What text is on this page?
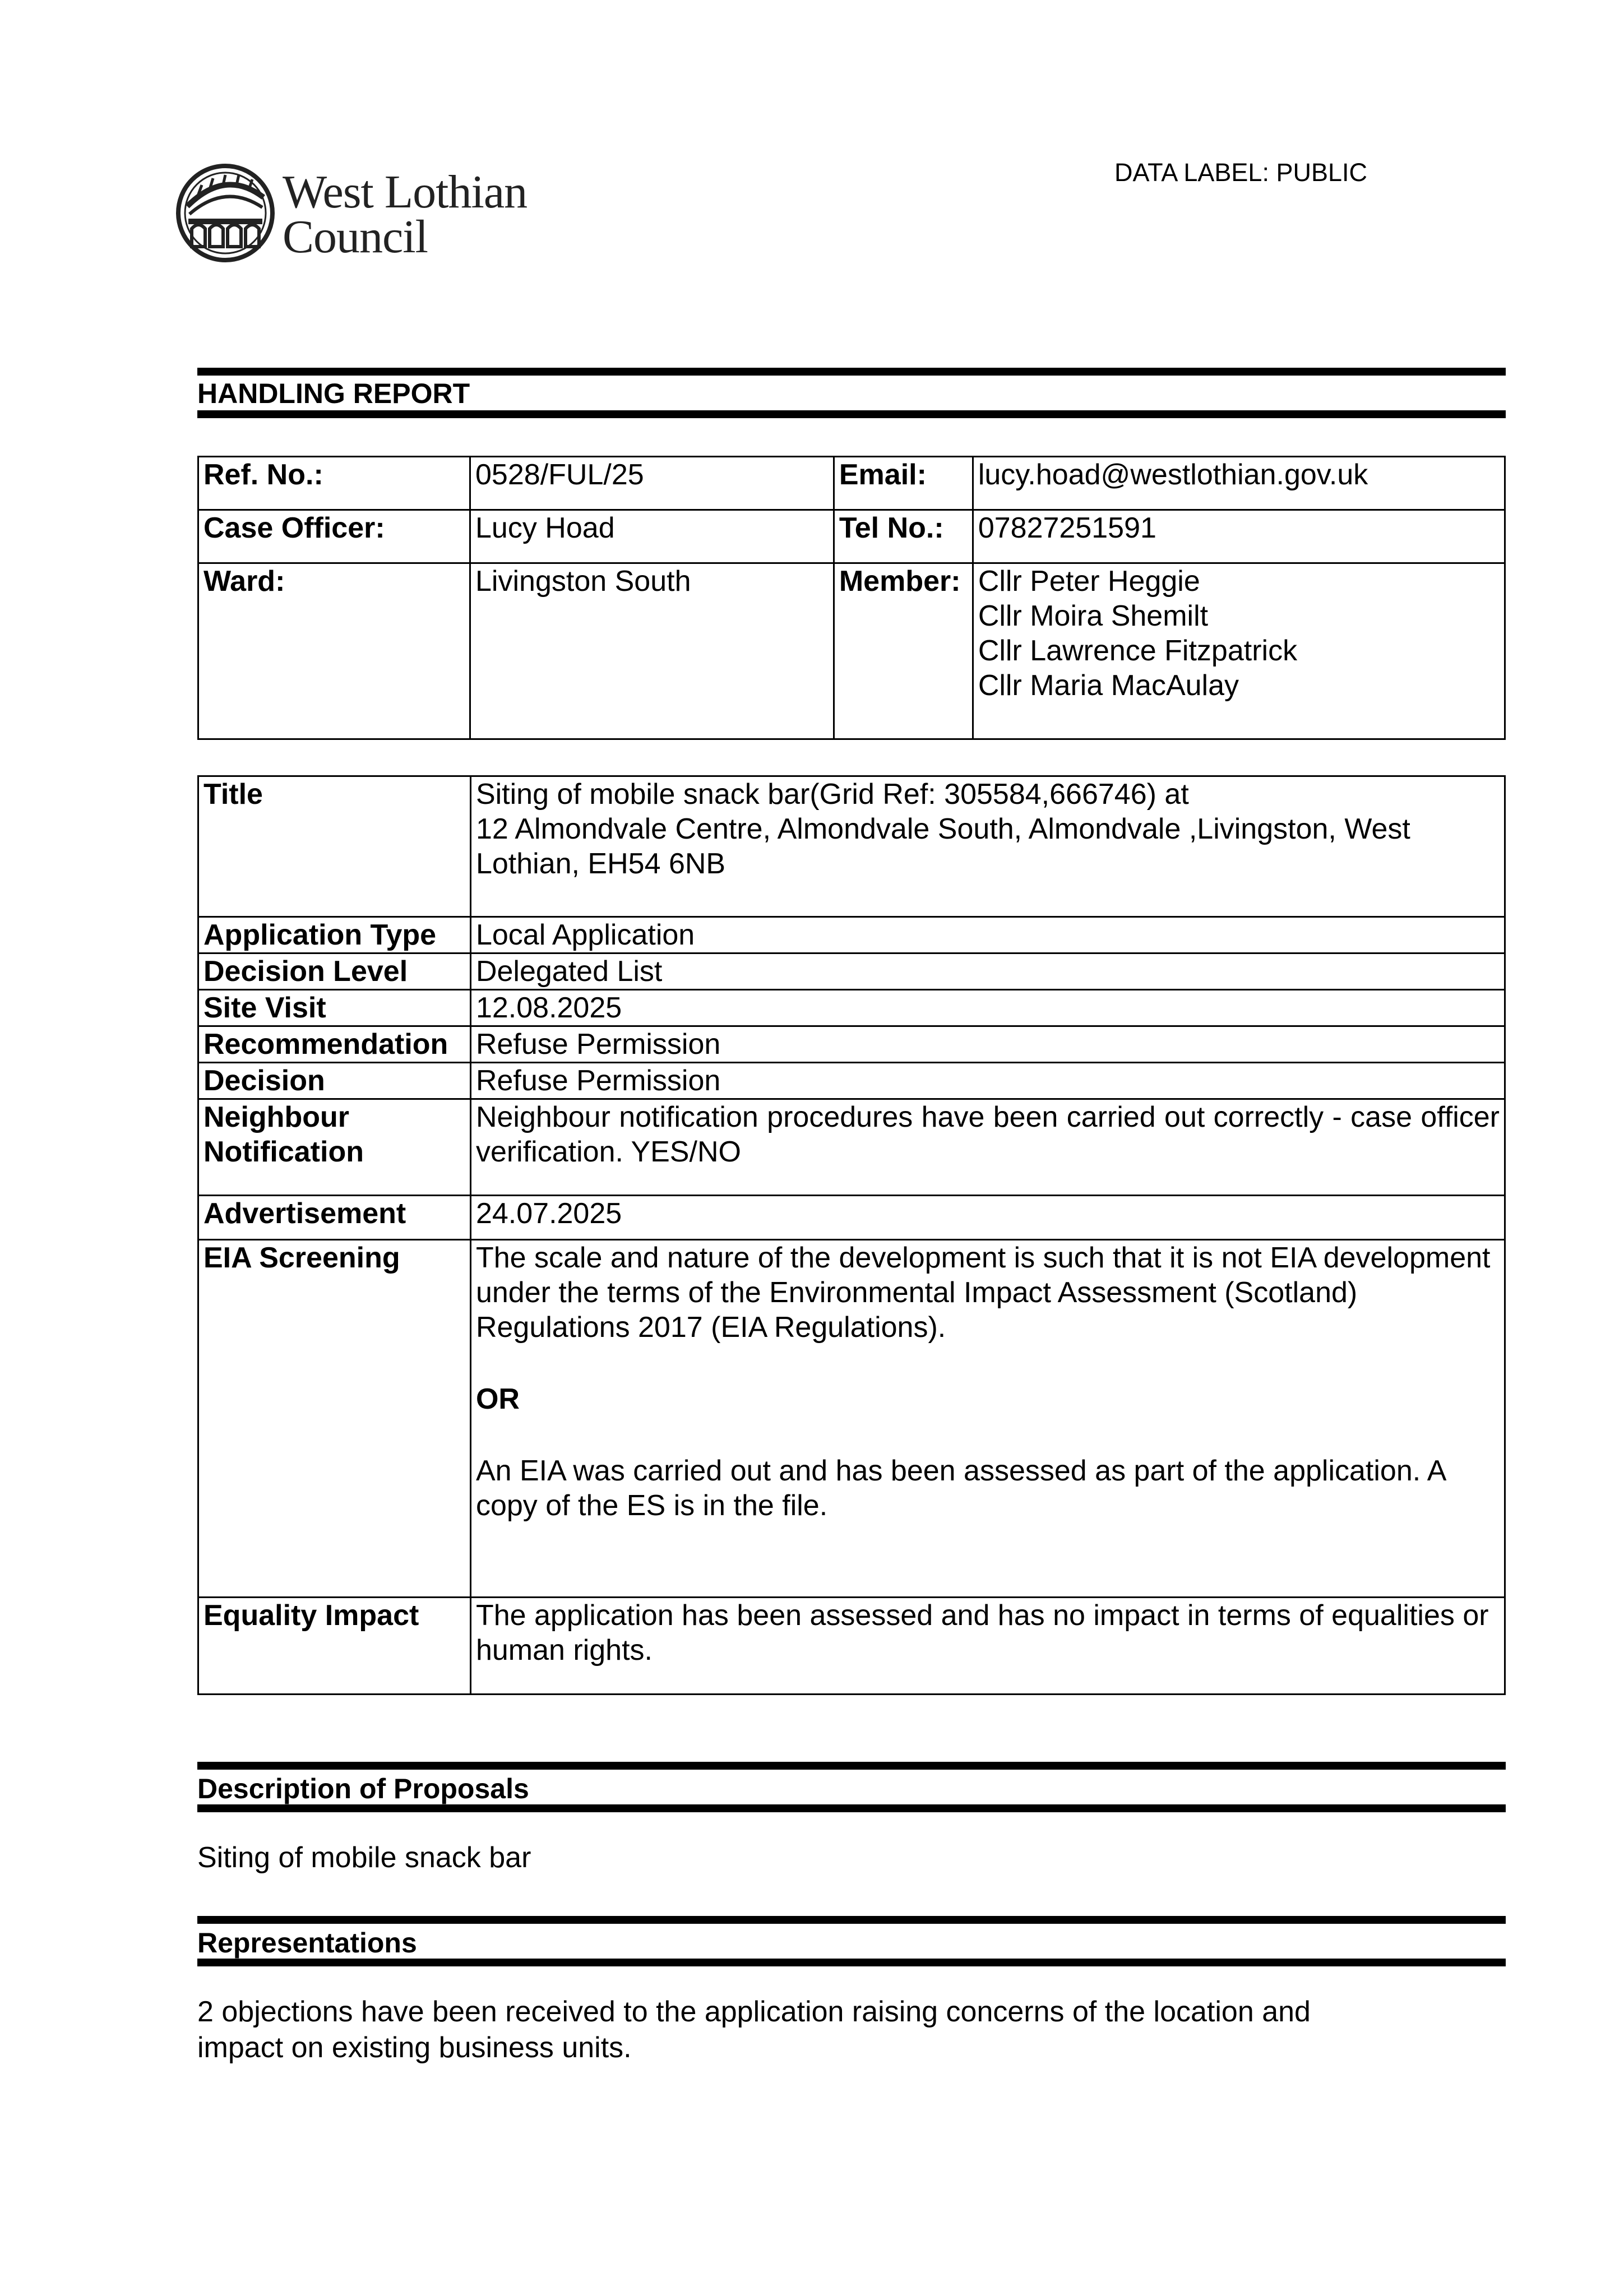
West Lothian
Council
DATA LABEL: PUBLIC
HANDLING REPORT
Ref. No.:	0528/FUL/25	Email:	lucy.hoad@westlothian.gov.uk
Case Officer:	Lucy Hoad	Tel No.:	07827251591
Ward:	Livingston South	Member:	Cllr Peter Heggie
Cllr Moira Shemilt
Cllr Lawrence Fitzpatrick
Cllr Maria MacAulay
Title	Siting of mobile snack bar(Grid Ref: 305584,666746) at
12 Almondvale Centre, Almondvale South, Almondvale ,Livingston, West Lothian, EH54 6NB

Application Type	Local Application
Decision Level	Delegated List
Site Visit	12.08.2025
Recommendation	Refuse Permission
Decision	Refuse Permission

Neighbour
Notification	Neighbour notification procedures have been carried out correctly - case officer verification. YES/NO
Advertisement	24.07.2025
EIA Screening	The scale and nature of the development is such that it is not EIA development under the terms of the Environmental Impact Assessment (Scotland) Regulations 2017 (EIA Regulations).
OR
An EIA was carried out and has been assessed as part of the application. A copy of the ES is in the file.

Equality Impact	The application has been assessed and has no impact in terms of equalities or human rights.
Description of Proposals
Siting of mobile snack bar
Representations
2 objections have been received to the application raising concerns of the location and
impact on existing business units.
